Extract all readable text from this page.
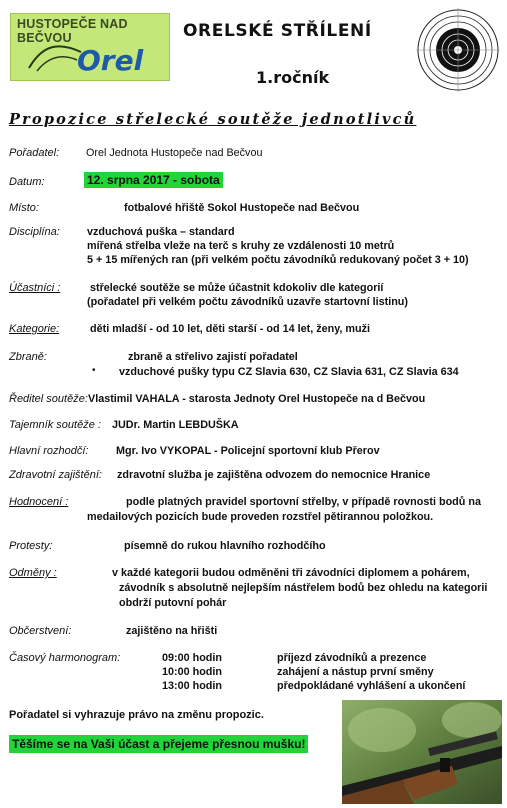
HUSTOPEČE NAD BEČVOU
Orel
ORELSKÉ STŘÍLENÍ
1.ročník
Propozice střelecké soutěže jednotlivců
Pořadatel: Orel Jednota Hustopeče nad Bečvou
Datum:	12. srpna 2017 - sobota
Místo:	fotbalové hřiště Sokol Hustopeče nad Bečvou
Disciplína:	vzduchová puška – standard
mířená střelba vleže na terč s kruhy ze vzdálenosti 10 metrů
5 + 15 mířených ran (při velkém počtu závodníků redukovaný počet 3 + 10)
Účastníci :	střelecké soutěže se může účastnit kdokoliv dle kategorií
(pořadatel při velkém počtu závodníků uzavře startovní listinu)
Kategorie:	děti mladší - od 10 let, děti starší - od 14 let, ženy, muži
Zbraně:	zbraně a střelivo zajistí pořadatel
• vzduchové pušky typu CZ Slavia 630, CZ Slavia 631, CZ Slavia 634
Ředitel soutěže: Vlastimil VAHALA - starosta Jednoty Orel Hustopeče na d Bečvou
Tajemník soutěže : JUDr. Martin LEBDUŠKA
Hlavní rozhodčí:	Mgr. Ivo VYKOPAL - Policejní sportovní klub Přerov
Zdravotní zajištění: zdravotní služba je zajištěna odvozem do nemocnice Hranice
Hodnocení :	podle platných pravidel sportovní střelby, v případě rovnosti bodů na
medailových pozicích bude proveden rozstřel pětirannou položkou.
Protesty:	písemně do rukou hlavního rozhodčího
Odměny :	v každé kategorii budou odměněni tři závodníci diplomem a pohárem,
závodník s absolutně nejlepším nástřelem bodů bez ohledu na kategorii
obdrží putovní pohár
Občerstvení:	zajištěno na hřišti
Časový harmonogram:	09:00 hodin	příjezd závodníků a prezence
10:00 hodin	zahájení a nástup první směny
13:00 hodin	předpokládané vyhlášení a ukončení
Pořadatel si vyhrazuje právo na změnu propozic.
Těšíme se na Vaši účast a přejeme přesnou mušku!
